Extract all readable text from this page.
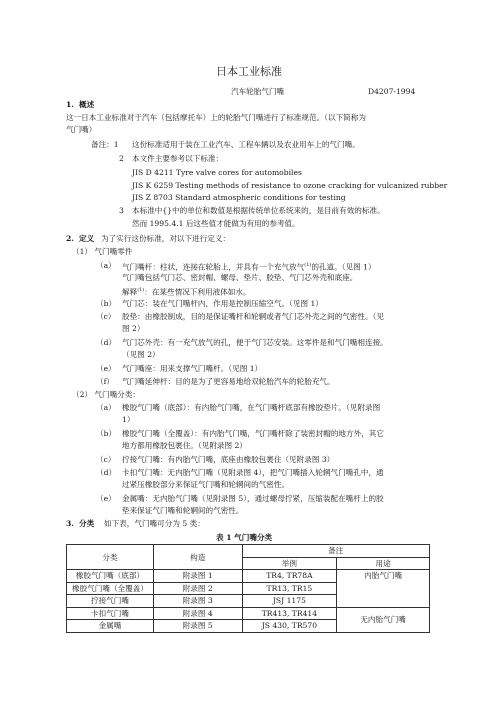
日本工业标准
汽车轮胎气门嘴	D4207-1994
1. 概述
这一日本工业标准对于汽车（包括摩托车）上的轮胎气门嘴进行了标准规范。（以下简称为
气门嘴）
备注：1 这份标准适用于装在工业汽车、工程车辆以及农业用车上的气门嘴。
2 本文件主要参考以下标准：
JIS D 4211 Tyre valve cores for automobiles
JIS K 6259 Testing methods of resistance to ozone cracking for vulcanized rubber
JIS Z 8703 Standard atmospheric conditions for testing
3 本标准中{}中的单位和数值是根据传统单位系统来的，是目前有效的标准。
然而 1995.4.1 后这些值才能做为有用的参考值。
2. 定义 为了实行这份标准，对以下进行定义：
（1） 气门嘴零件
（a） 气门嘴杆：柱状，连接在轮胎上，并具有一个充气放气$^{(1)}$的孔道。（见图 1）
气门嘴包括气门芯、密封帽、螺母、垫片、胶垫、气门芯外壳和底座。
解释$^{(1)}$：在某些情况下利用液体如水。
（b） 气门芯：装在气门嘴杆内，作用是控制压缩空气。（见图 1）
（c） 胶垫：由橡胶制成，目的是保证嘴杆和轮辋或者气门芯外壳之间的气密性。（见
图 2）
（d） 气门芯外壳：有一充气放气的孔，便于气门芯安装。这零件是和气门嘴相连接。
（见图 2）
（e） 气门嘴座：用来支撑气门嘴杆。（见图 1）
（f） 气门嘴延伸杆：目的是为了更容易地给双轮胎汽车的轮胎充气。
（2） 气门嘴分类：
（a） 橡胶气门嘴（底部）：有内胎气门嘴，在气门嘴杆底部有橡胶垫片。（见附录图
1）
（b） 橡胶气门嘴（全覆盖）：有内胎气门嘴，气门嘴杆除了装密封帽的地方外，其它
地方都用橡胶包裹住。（见附录图 2）
（c） 拧接气门嘴：有内胎气门嘴，底座由橡胶包裹住（见附录图 3）
（d） 卡扣气门嘴：无内胎气门嘴（见附录图 4），把气门嘴插入轮辋气门嘴孔中，通
过紧压橡胶部分来保证气门嘴和轮辋间的气密性。
（e） 金属嘴：无内胎气门嘴（见附录图 5），通过螺母拧紧，压缩装配在嘴杆上的胶
垫来保证气门嘴和轮辋间的气密性。
3. 分类 如下表，气门嘴可分为 5 类：
表 1 气门嘴分类
分类	构造	备注	
		举例	用途
橡胶气门嘴（底部）	附录图 1	TR4, TR78A	内胎气门嘴
橡胶气门嘴（全覆盖）	附录图 2	TR13, TR15	
拧接气门嘴	附录图 3	JSJ 1175	
卡扣气门嘴	附录图 4	TR413, TR414	无内胎气门嘴
金属嘴	附录图 5	JS 430, TR570	
